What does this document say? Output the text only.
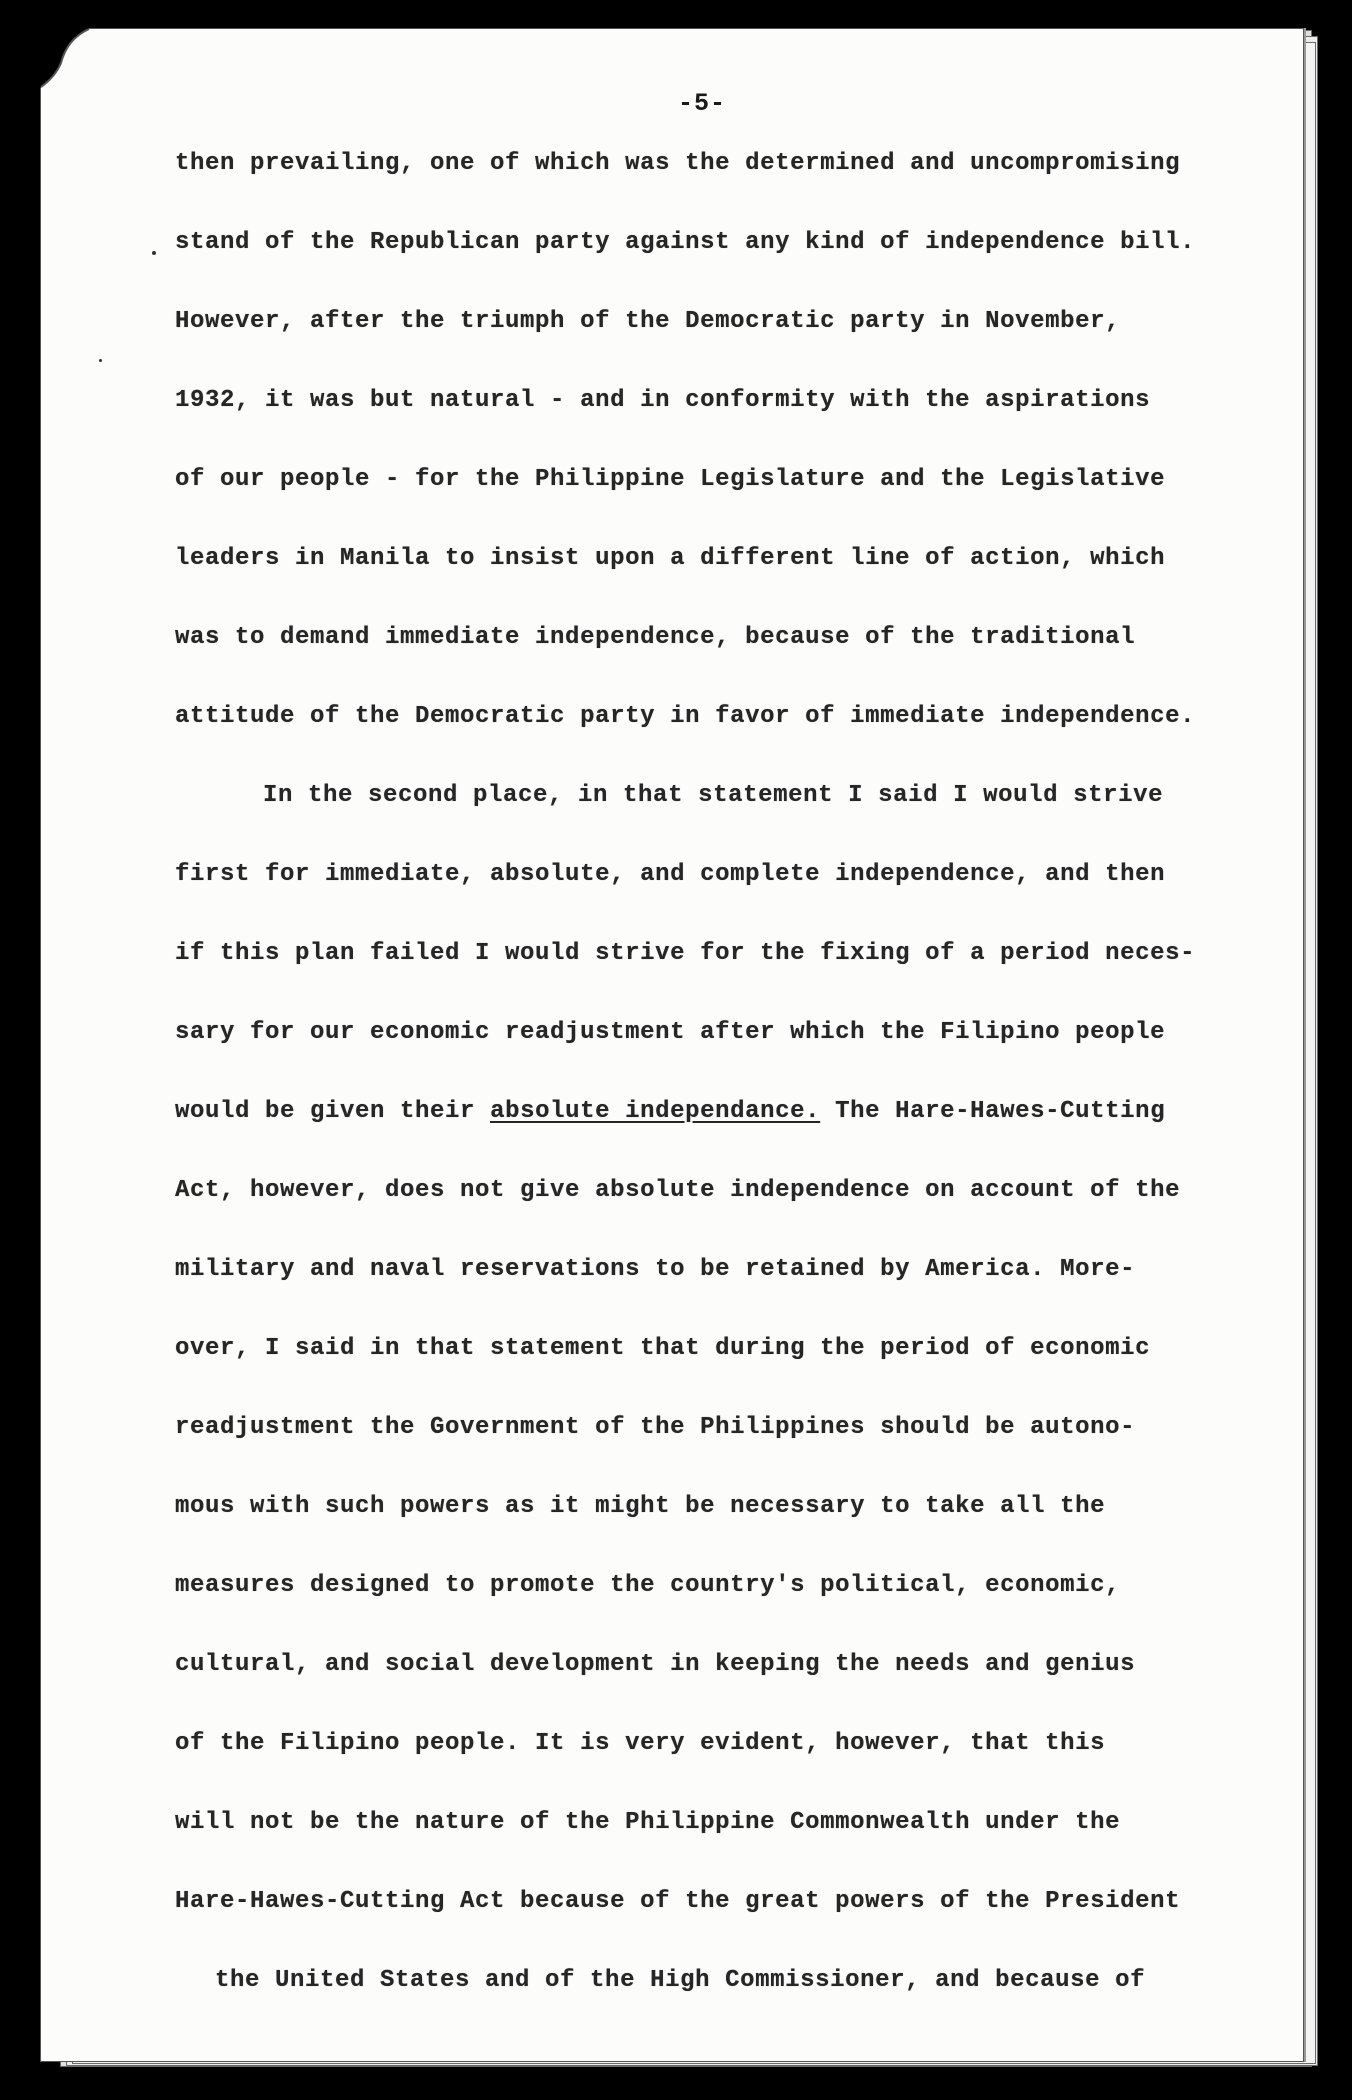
-5-
then prevailing, one of which was the determined and uncompromising
stand of the Republican party against any kind of independence bill.
However, after the triumph of the Democratic party in November,
1932, it was but natural - and in conformity with the aspirations
of our people - for the Philippine Legislature and the Legislative
leaders in Manila to insist upon a different line of action, which
was to demand immediate independence, because of the traditional
attitude of the Democratic party in favor of immediate independence.
In the second place, in that statement I said I would strive
first for immediate, absolute, and complete independence, and then
if this plan failed I would strive for the fixing of a period neces-
sary for our economic readjustment after which the Filipino people
would be given their absolute independance. The Hare-Hawes-Cutting
Act, however, does not give absolute independence on account of the
military and naval reservations to be retained by America. More-
over, I said in that statement that during the period of economic
readjustment the Government of the Philippines should be autono-
mous with such powers as it might be necessary to take all the
measures designed to promote the country's political, economic,
cultural, and social development in keeping the needs and genius
of the Filipino people. It is very evident, however, that this
will not be the nature of the Philippine Commonwealth under the
Hare-Hawes-Cutting Act because of the great powers of the President
the United States and of the High Commissioner, and because of
